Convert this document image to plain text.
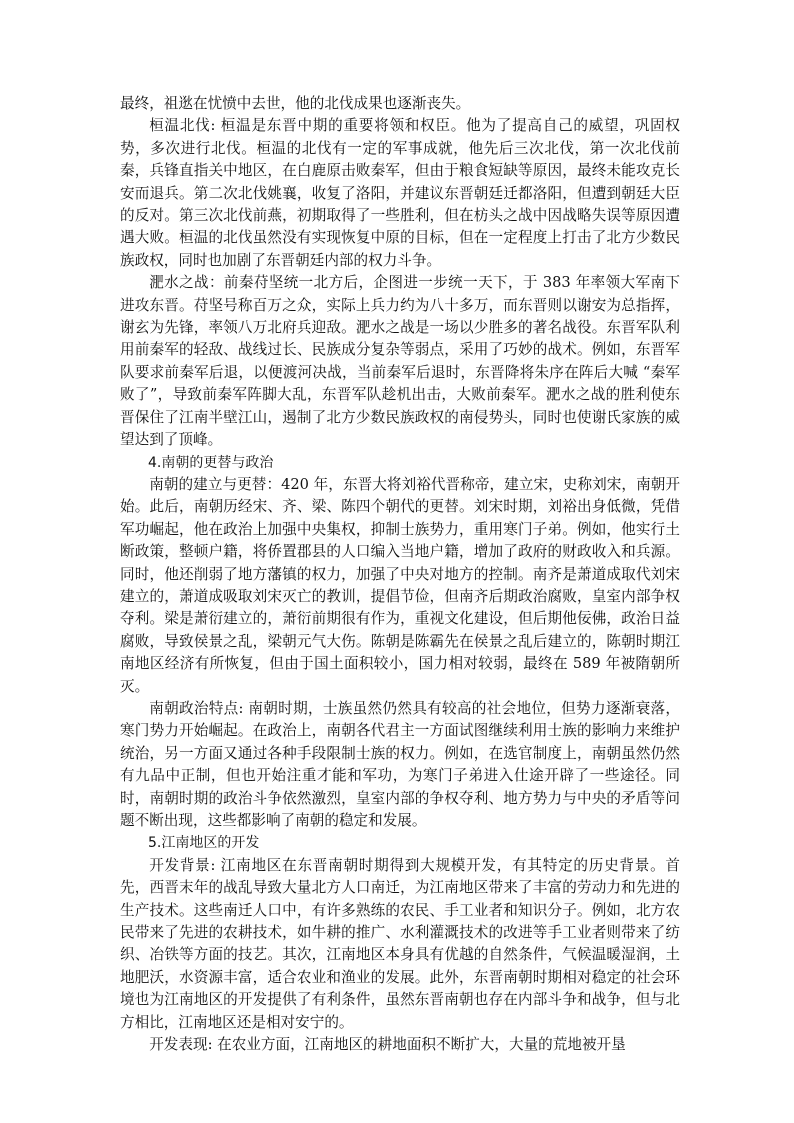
最终，祖逖在忧愤中去世，他的北伐成果也逐渐丧失。

桓温北伐: 桓温是东晋中期的重要将领和权臣。他为了提高自己的威望，巩固权势，多次进行北伐。桓温的北伐有一定的军事成就，他先后三次北伐，第一次北伐前秦，兵锋直指关中地区，在白鹿原击败秦军，但由于粮食短缺等原因，最终未能攻克长安而退兵。第二次北伐姚襄，收复了洛阳，并建议东晋朝廷迁都洛阳，但遭到朝廷大臣的反对。第三次北伐前燕，初期取得了一些胜利，但在枋头之战中因战略失误等原因遭遇大败。桓温的北伐虽然没有实现恢复中原的目标，但在一定程度上打击了北方少数民族政权，同时也加剧了东晋朝廷内部的权力斗争。

淝水之战：前秦苻坚统一北方后，企图进一步统一天下，于 383 年率领大军南下进攻东晋。苻坚号称百万之众，实际上兵力约为八十多万，而东晋则以谢安为总指挥，谢玄为先锋，率领八万北府兵迎敌。淝水之战是一场以少胜多的著名战役。东晋军队利用前秦军的轻敌、战线过长、民族成分复杂等弱点，采用了巧妙的战术。例如，东晋军队要求前秦军后退，以便渡河决战，当前秦军后退时，东晋降将朱序在阵后大喊 “秦军败了”，导致前秦军阵脚大乱，东晋军队趁机出击，大败前秦军。淝水之战的胜利使东晋保住了江南半壁江山，遏制了北方少数民族政权的南侵势头，同时也使谢氏家族的威望达到了顶峰。

4.南朝的更替与政治

南朝的建立与更替：420 年，东晋大将刘裕代晋称帝，建立宋，史称刘宋，南朝开始。此后，南朝历经宋、齐、梁、陈四个朝代的更替。刘宋时期，刘裕出身低微，凭借军功崛起，他在政治上加强中央集权，抑制士族势力，重用寒门子弟。例如，他实行土断政策，整顿户籍，将侨置郡县的人口编入当地户籍，增加了政府的财政收入和兵源。同时，他还削弱了地方藩镇的权力，加强了中央对地方的控制。南齐是萧道成取代刘宋建立的，萧道成吸取刘宋灭亡的教训，提倡节俭，但南齐后期政治腐败，皇室内部争权夺利。梁是萧衍建立的，萧衍前期很有作为，重视文化建设，但后期他佞佛，政治日益腐败，导致侯景之乱，梁朝元气大伤。陈朝是陈霸先在侯景之乱后建立的，陈朝时期江南地区经济有所恢复，但由于国土面积较小，国力相对较弱，最终在 589 年被隋朝所灭。

南朝政治特点: 南朝时期，士族虽然仍然具有较高的社会地位，但势力逐渐衰落，寒门势力开始崛起。在政治上，南朝各代君主一方面试图继续利用士族的影响力来维护统治，另一方面又通过各种手段限制士族的权力。例如，在选官制度上，南朝虽然仍然有九品中正制，但也开始注重才能和军功，为寒门子弟进入仕途开辟了一些途径。同时，南朝时期的政治斗争依然激烈，皇室内部的争权夺利、地方势力与中央的矛盾等问题不断出现，这些都影响了南朝的稳定和发展。

5.江南地区的开发

开发背景: 江南地区在东晋南朝时期得到大规模开发，有其特定的历史背景。首先，西晋末年的战乱导致大量北方人口南迁，为江南地区带来了丰富的劳动力和先进的生产技术。这些南迁人口中，有许多熟练的农民、手工业者和知识分子。例如，北方农民带来了先进的农耕技术，如牛耕的推广、水利灌溉技术的改进等手工业者则带来了纺织、冶铁等方面的技艺。其次，江南地区本身具有优越的自然条件，气候温暖湿润，土地肥沃，水资源丰富，适合农业和渔业的发展。此外，东晋南朝时期相对稳定的社会环境也为江南地区的开发提供了有利条件，虽然东晋南朝也存在内部斗争和战争，但与北方相比，江南地区还是相对安宁的。

开发表现: 在农业方面，江南地区的耕地面积不断扩大，大量的荒地被开垦
